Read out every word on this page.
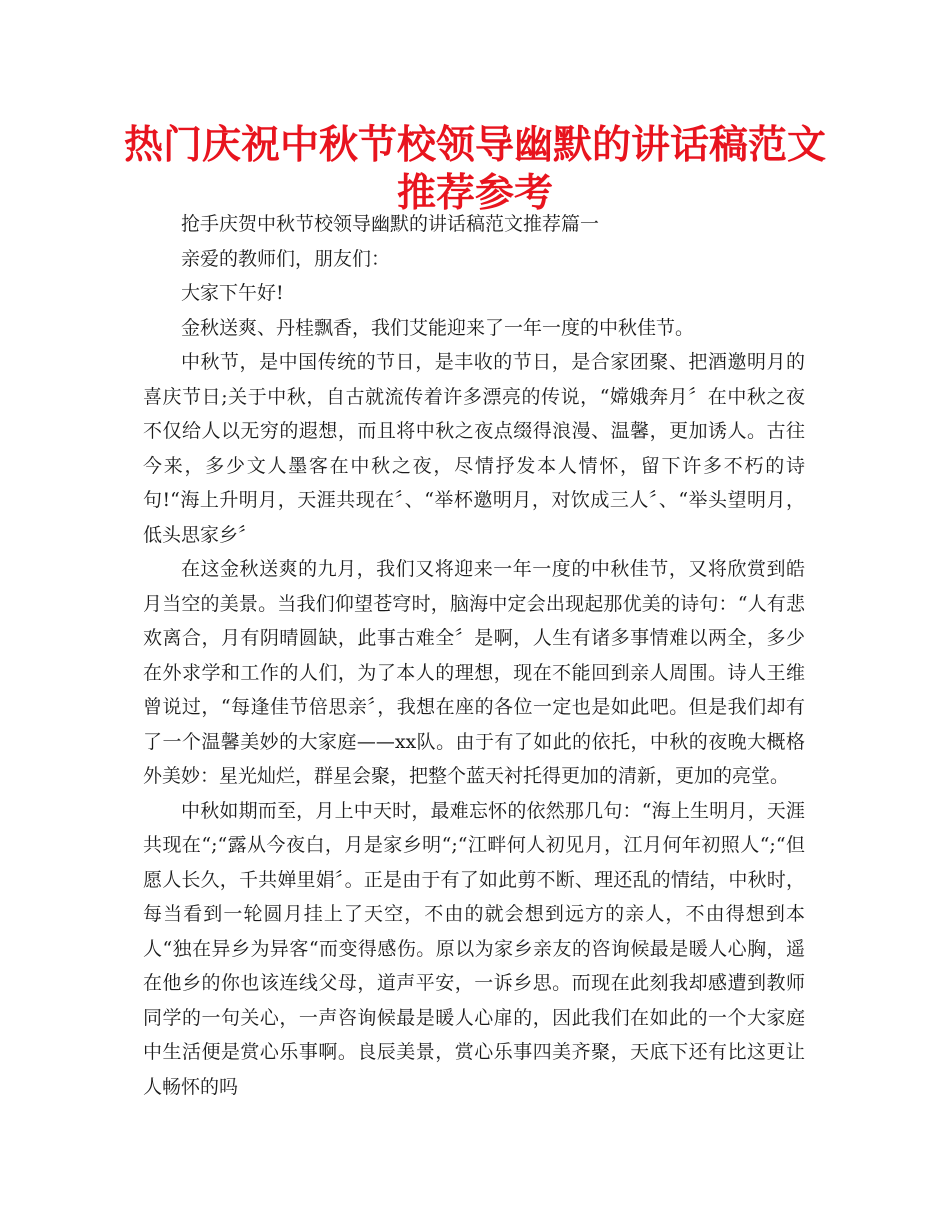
热门庆祝中秋节校领导幽默的讲话稿范文推荐参考

抢手庆贺中秋节校领导幽默的讲话稿范文推荐篇一

亲爱的教师们，朋友们：

大家下午好!

金秋送爽、丹桂飘香，我们艾能迎来了一年一度的中秋佳节。

中秋节，是中国传统的节日，是丰收的节日，是合家团聚、把酒邀明月的喜庆节日;关于中秋，自古就流传着许多漂亮的传说，“嫦娥奔月〞在中秋之夜不仅给人以无穷的遐想，而且将中秋之夜点缀得浪漫、温馨，更加诱人。古往今来，多少文人墨客在中秋之夜，尽情抒发本人情怀，留下许多不朽的诗句!“海上升明月，天涯共现在〞、“举杯邀明月，对饮成三人〞、“举头望明月，低头思家乡〞

在这金秋送爽的九月，我们又将迎来一年一度的中秋佳节，又将欣赏到皓月当空的美景。当我们仰望苍穹时，脑海中定会出现起那优美的诗句：“人有悲欢离合，月有阴晴圆缺，此事古难全〞是啊，人生有诸多事情难以两全，多少在外求学和工作的人们，为了本人的理想，现在不能回到亲人周围。诗人王维曾说过，“每逢佳节倍思亲〞，我想在座的各位一定也是如此吧。但是我们却有了一个温馨美妙的大家庭——xx队。由于有了如此的依托，中秋的夜晚大概格外美妙：星光灿烂，群星会聚，把整个蓝天衬托得更加的清新，更加的亮堂。

中秋如期而至，月上中天时，最难忘怀的依然那几句：“海上生明月，天涯共现在“;“露从今夜白，月是家乡明“;“江畔何人初见月，江月何年初照人“;“但愿人长久，千共婵里娟〞。正是由于有了如此剪不断、理还乱的情结，中秋时，每当看到一轮圆月挂上了天空，不由的就会想到远方的亲人，不由得想到本人“独在异乡为异客“而变得感伤。原以为家乡亲友的咨询候最是暖人心胸，遥在他乡的你也该连线父母，道声平安，一诉乡思。而现在此刻我却感遭到教师同学的一句关心，一声咨询候最是暖人心扉的，因此我们在如此的一个大家庭中生活便是赏心乐事啊。良辰美景，赏心乐事四美齐聚，天底下还有比这更让人畅怀的吗
